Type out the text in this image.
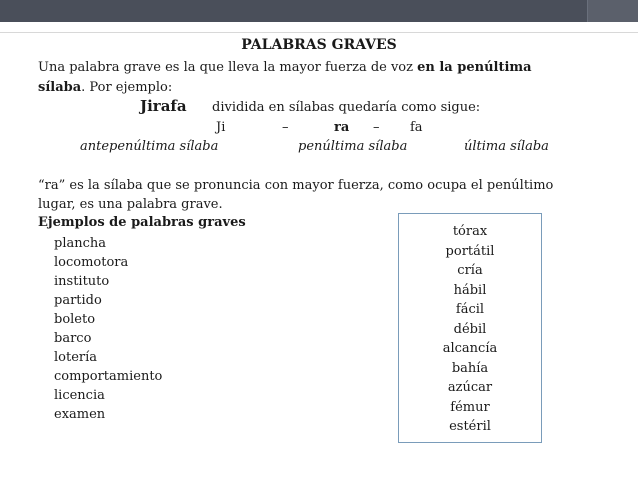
PALABRAS GRAVES
Una palabra grave es la que lleva la mayor fuerza de voz en la penúltima
sílaba. Por ejemplo:
Jirafa dividida en sílabas quedaría como sigue:
Ji	–	ra – fa
antepenúltima sílaba	penúltima sílaba	última sílaba
“ra” es la sílaba que se pronuncia con mayor fuerza, como ocupa el penúltimo
lugar, es una palabra grave.
Ejemplos de palabras graves
plancha
locomotora
instituto
partido
boleto
barco
lotería
comportamiento
licencia
examen
tórax
portátil
cría
hábil
fácil
débil
alcancía
bahía
azúcar
fémur
estéril
